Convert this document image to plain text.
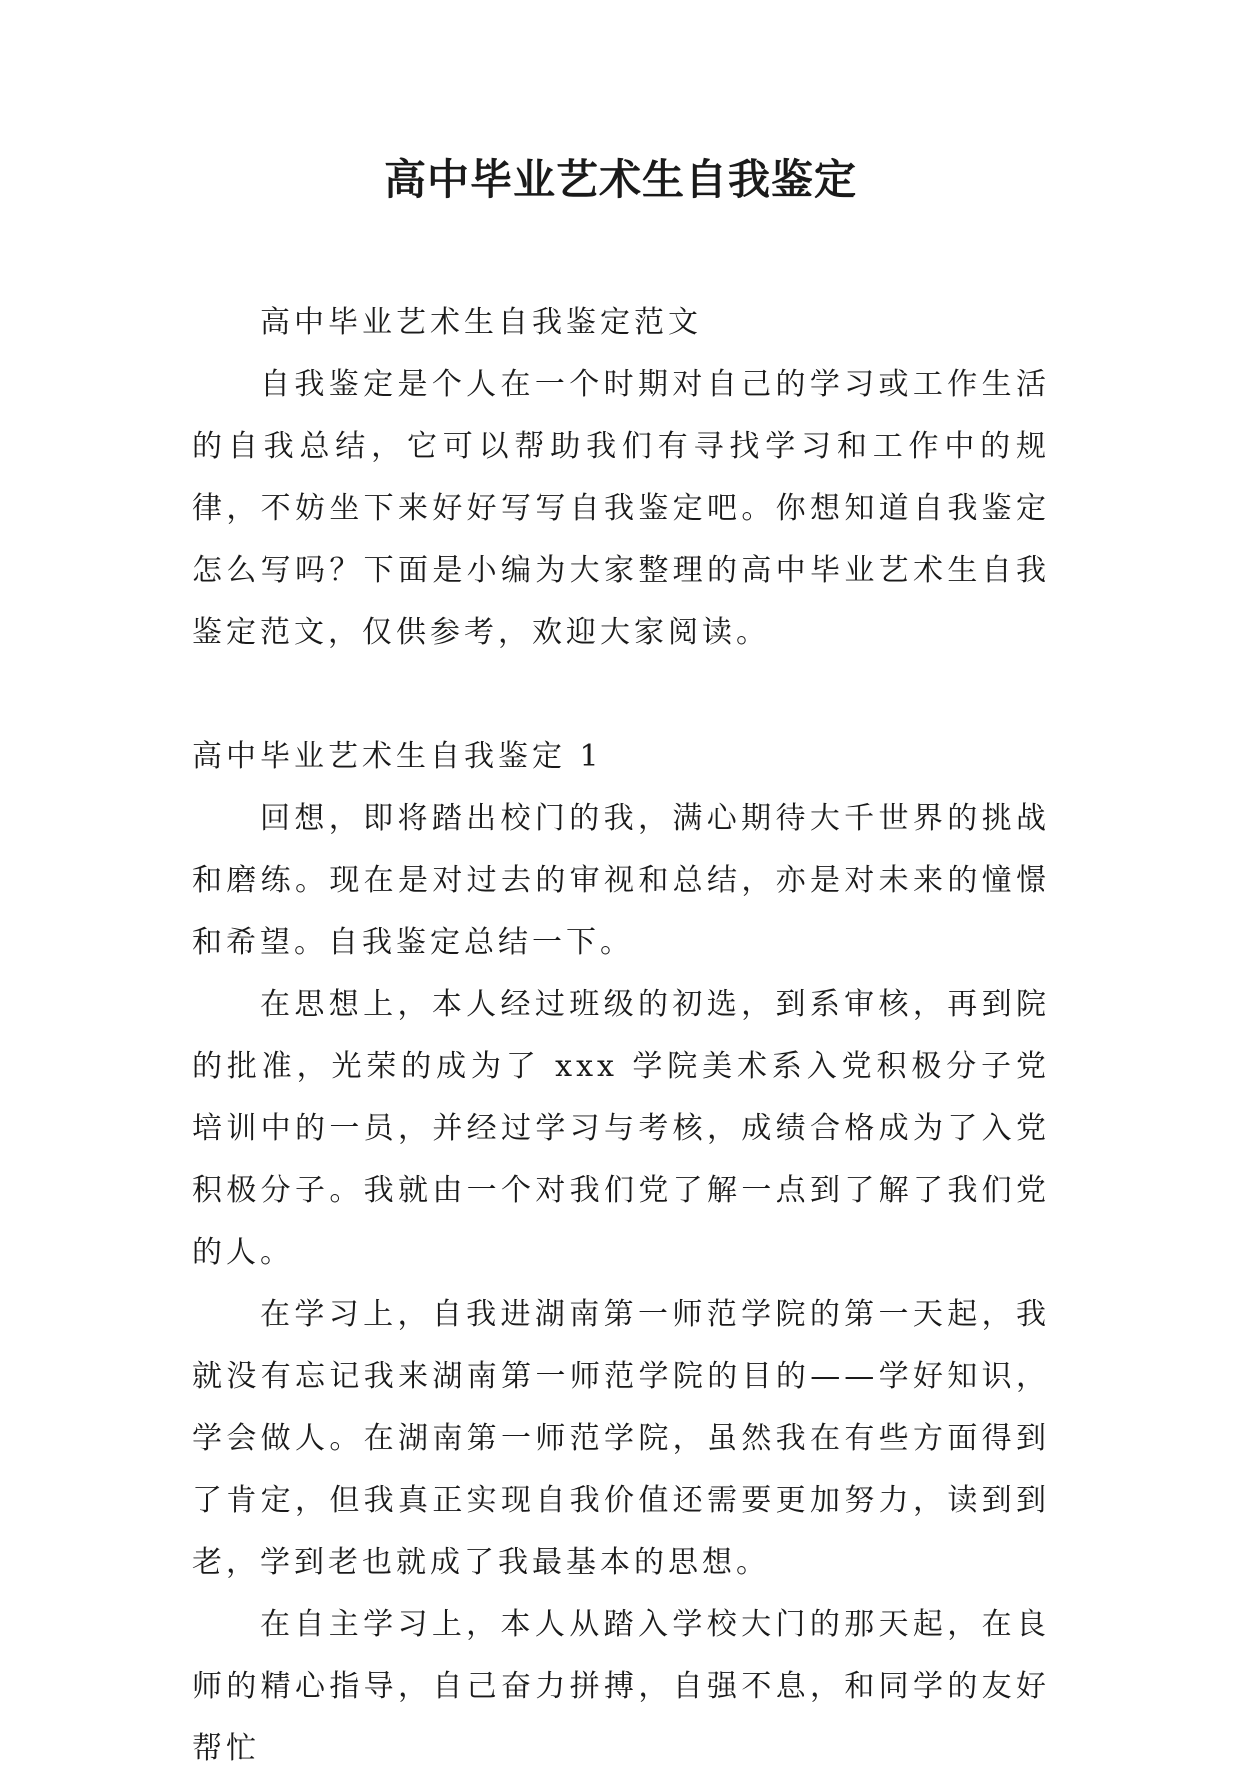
高中毕业艺术生自我鉴定

高中毕业艺术生自我鉴定范文

自我鉴定是个人在一个时期对自己的学习或工作生活的自我总结，它可以帮助我们有寻找学习和工作中的规律，不妨坐下来好好写写自我鉴定吧。你想知道自我鉴定怎么写吗？下面是小编为大家整理的高中毕业艺术生自我鉴定范文，仅供参考，欢迎大家阅读。

高中毕业艺术生自我鉴定 1

回想，即将踏出校门的我，满心期待大千世界的挑战和磨练。现在是对过去的审视和总结，亦是对未来的憧憬和希望。自我鉴定总结一下。

在思想上，本人经过班级的初选，到系审核，再到院的批准，光荣的成为了 xxx 学院美术系入党积极分子党培训中的一员，并经过学习与考核，成绩合格成为了入党积极分子。我就由一个对我们党了解一点到了解了我们党的人。

在学习上，自我进湖南第一师范学院的第一天起，我就没有忘记我来湖南第一师范学院的目的——学好知识，学会做人。在湖南第一师范学院，虽然我在有些方面得到了肯定，但我真正实现自我价值还需要更加努力，读到到老，学到老也就成了我最基本的思想。

在自主学习上，本人从踏入学校大门的那天起，在良师的精心指导，自己奋力拼搏，自强不息，和同学的友好帮忙
